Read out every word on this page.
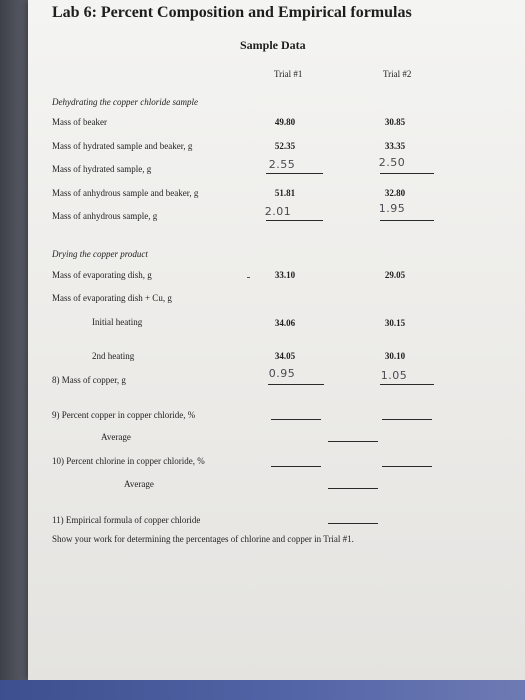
Lab 6: Percent Composition and Empirical formulas
Sample Data
Trial #1	Trial #2
Dehydrating the copper chloride sample
Mass of beaker	49.80	30.85
Mass of hydrated sample and beaker, g	52.35	33.35
Mass of hydrated sample, g	2.55	2.50
Mass of anhydrous sample and beaker, g	51.81	32.80
Mass of anhydrous sample, g	2.01	1.95
Drying the copper product
Mass of evaporating dish, g	33.10	29.05
Mass of evaporating dish + Cu, g
Initial heating	34.06	30.15
2nd heating	34.05	30.10
8) Mass of copper, g	0.95	1.05
9) Percent copper in copper chloride, %
Average
10) Percent chlorine in copper chloride, %
Average
11) Empirical formula of copper chloride
Show your work for determining the percentages of chlorine and copper in Trial #1.
